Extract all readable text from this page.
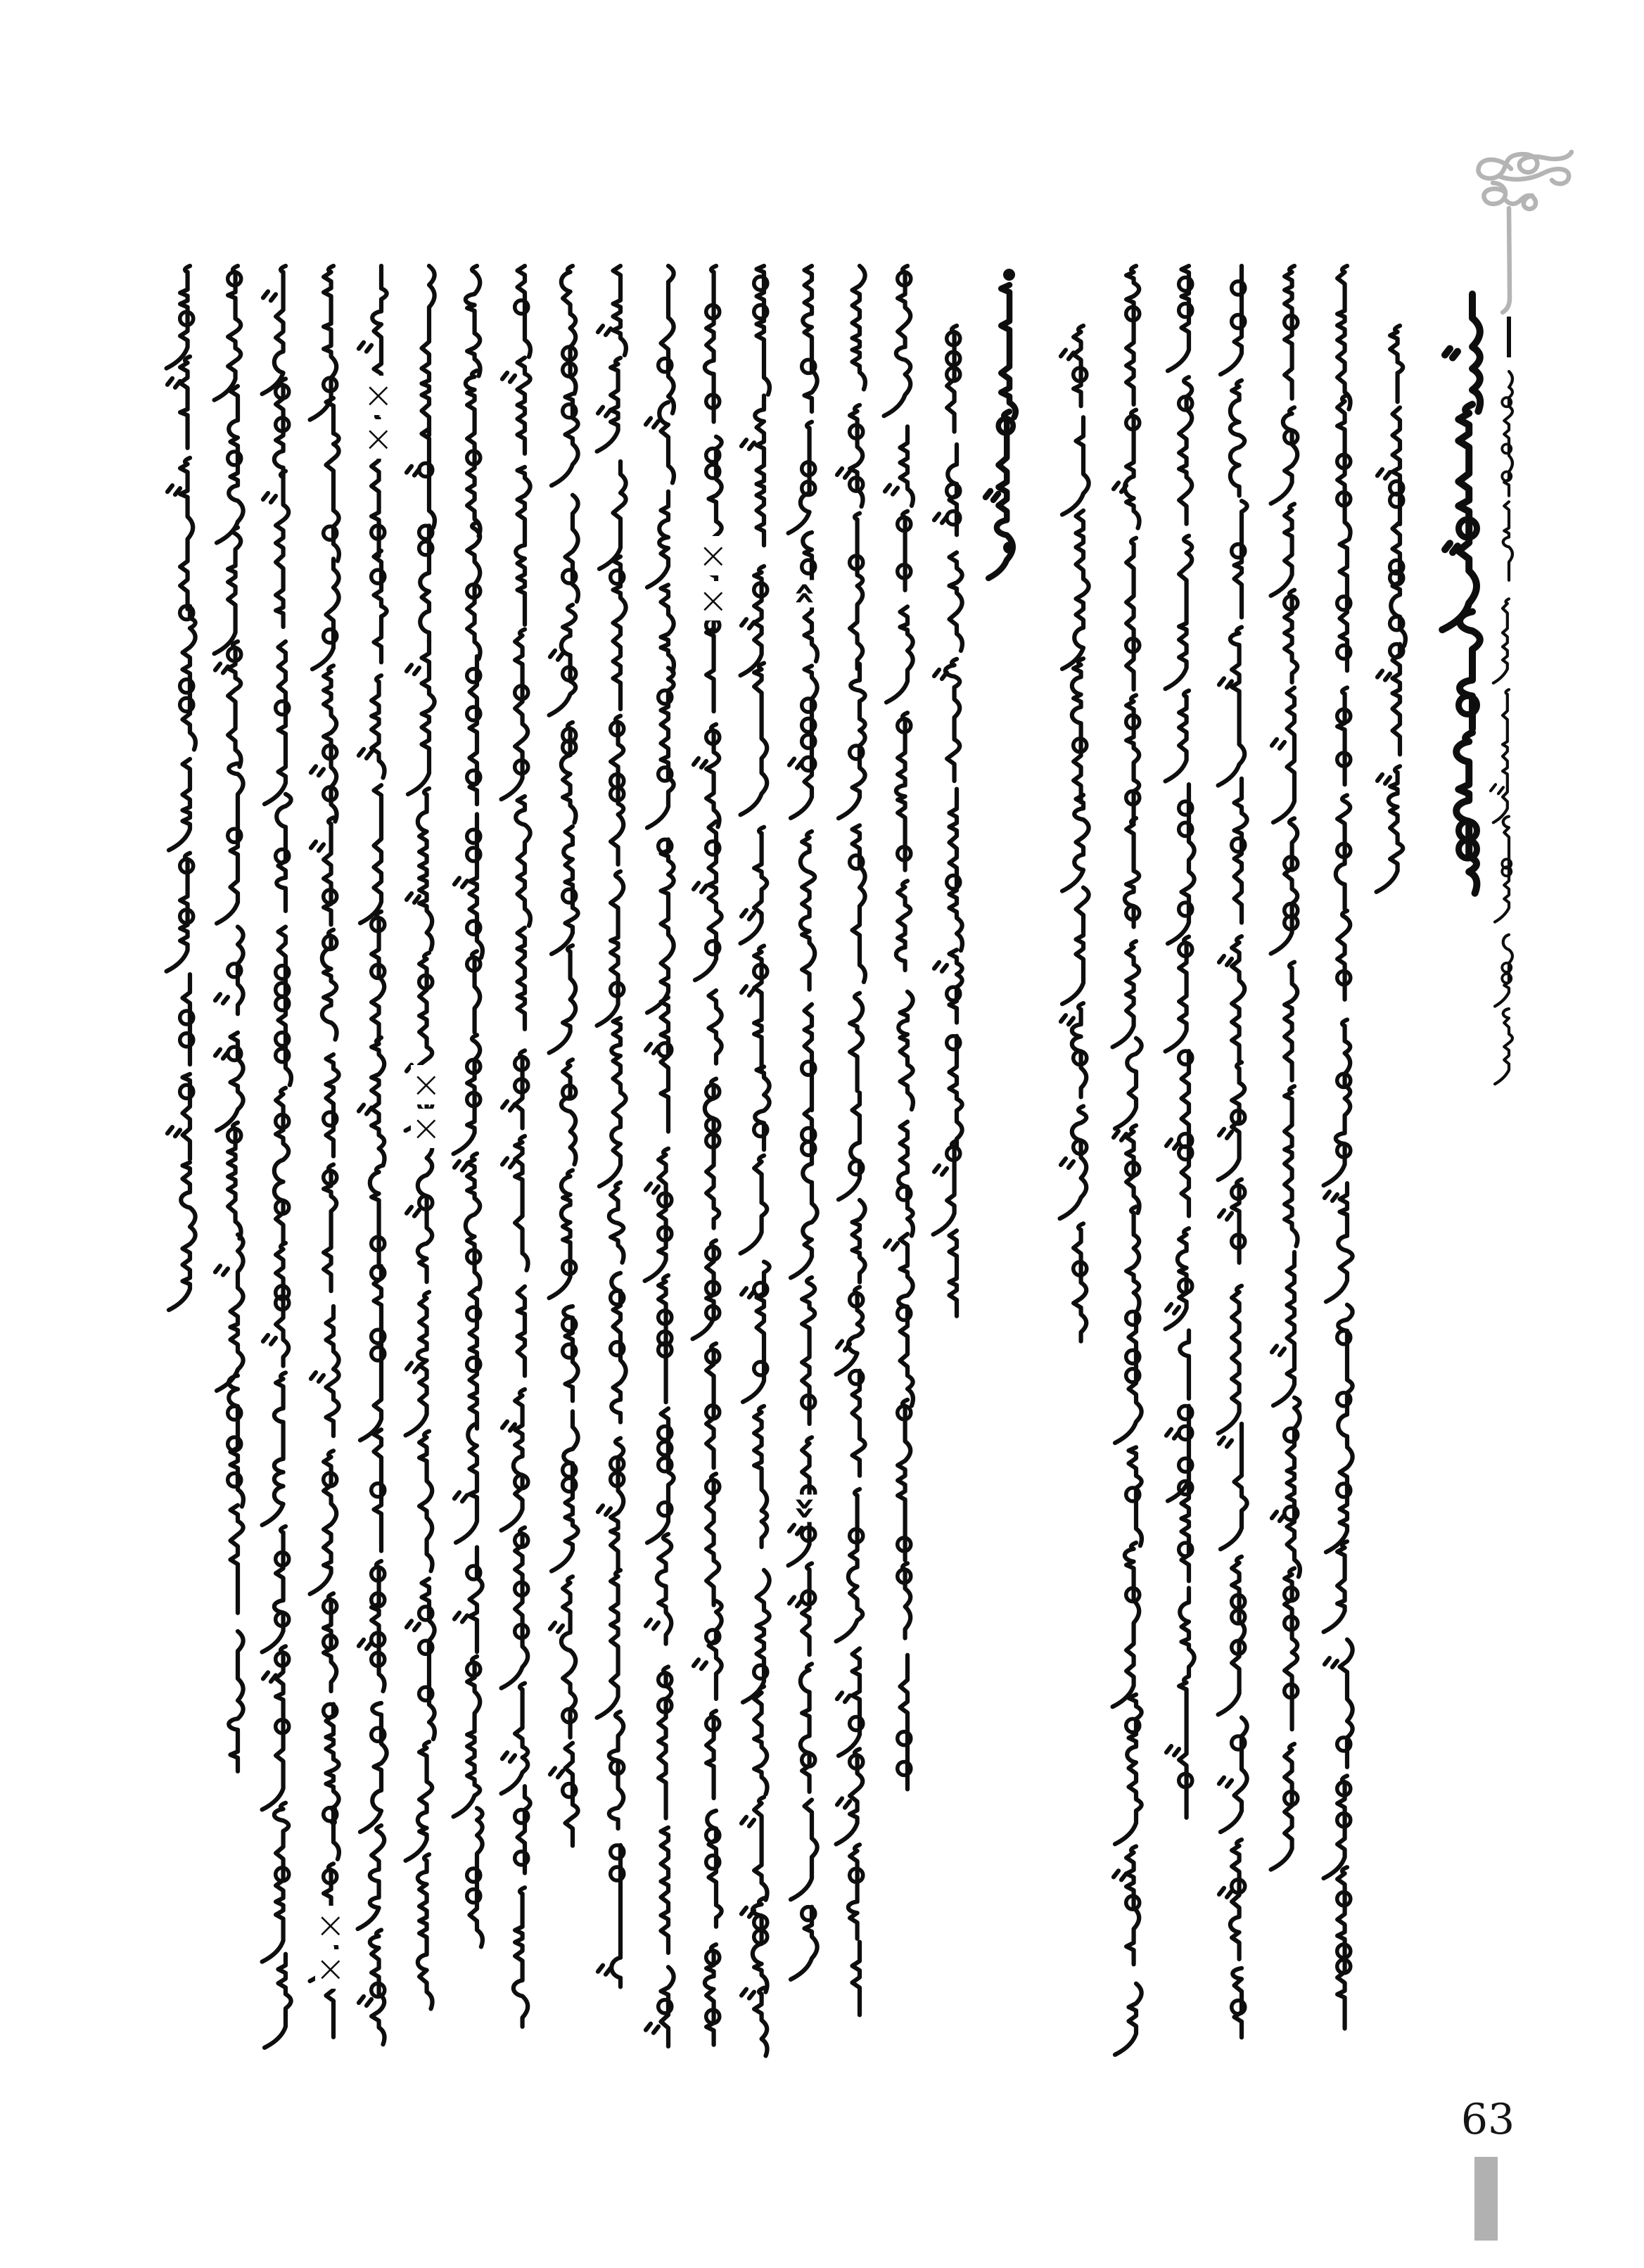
«
»
×
×
×
×
×
×
×
×
63
